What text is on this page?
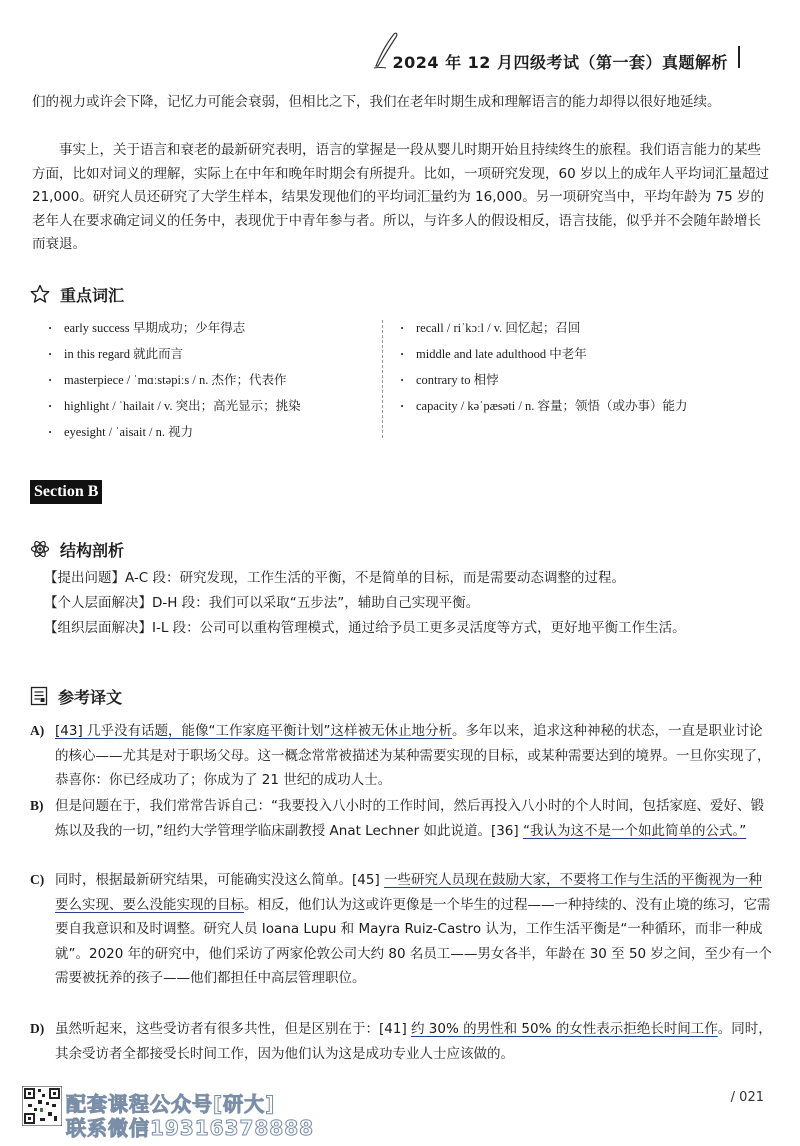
2024 年 12 月四级考试（第一套）真题解析

们的视力或许会下降，记忆力可能会衰弱，但相比之下，我们在老年时期生成和理解语言的能力却得以很好地延续。

事实上，关于语言和衰老的最新研究表明，语言的掌握是一段从婴儿时期开始且持续终生的旅程。我们语言能力的某些方面，比如对词义的理解，实际上在中年和晚年时期会有所提升。比如，一项研究发现，60 岁以上的成年人平均词汇量超过 21,000。研究人员还研究了大学生样本，结果发现他们的平均词汇量约为 16,000。另一项研究当中，平均年龄为 75 岁的老年人在要求确定词义的任务中，表现优于中青年参与者。所以，与许多人的假设相反，语言技能，似乎并不会随年龄增长而衰退。

重点词汇
· early success 早期成功；少年得志
· in this regard 就此而言
· masterpiece / ˈmɑːstəpiːs / n. 杰作；代表作
· highlight / ˈhailait / v. 突出；高光显示；挑染
· eyesight / ˈaisait / n. 视力
· recall / riˈkɔːl / v. 回忆起；召回
· middle and late adulthood 中老年
· contrary to 相悖
· capacity / kəˈpæsəti / n. 容量；领悟（或办事）能力
Section B
结构剖析

【提出问题】A-C 段：研究发现，工作生活的平衡，不是简单的目标，而是需要动态调整的过程。

【个人层面解决】D-H 段：我们可以采取“五步法”，辅助自己实现平衡。

【组织层面解决】I-L 段：公司可以重构管理模式，通过给予员工更多灵活度等方式，更好地平衡工作生活。

参考译文
A) [43] 几乎没有话题，能像“工作家庭平衡计划”这样被无休止地分析。多年以来，追求这种神秘的状态，一直是职业讨论的核心——尤其是对于职场父母。这一概念常常被描述为某种需要实现的目标，或某种需要达到的境界。一旦你实现了，恭喜你：你已经成功了；你成为了 21 世纪的成功人士。
B) 但是问题在于，我们常常告诉自己：“我要投入八小时的工作时间，然后再投入八小时的个人时间，包括家庭、爱好、锻炼以及我的一切，”纽约大学管理学临床副教授 Anat Lechner 如此说道。[36] “我认为这不是一个如此简单的公式。”
C) 同时，根据最新研究结果，可能确实没这么简单。[45] 一些研究人员现在鼓励大家，不要将工作与生活的平衡视为一种要么实现、要么没能实现的目标。相反，他们认为这或许更像是一个毕生的过程——一种持续的、没有止境的练习，它需要自我意识和及时调整。研究人员 Ioana Lupu 和 Mayra Ruiz-Castro 认为，工作生活平衡是“一种循环，而非一种成就”。2020 年的研究中，他们采访了两家伦敦公司大约 80 名员工——男女各半，年龄在 30 至 50 岁之间，至少有一个需要被抚养的孩子——他们都担任中高层管理职位。
D) 虽然听起来，这些受访者有很多共性，但是区别在于：[41] 约 30% 的男性和 50% 的女性表示拒绝长时间工作。同时，其余受访者全都接受长时间工作，因为他们认为这是成功专业人士应该做的。
配套课程公众号[研大]
联系微信19316378888
/ 021
